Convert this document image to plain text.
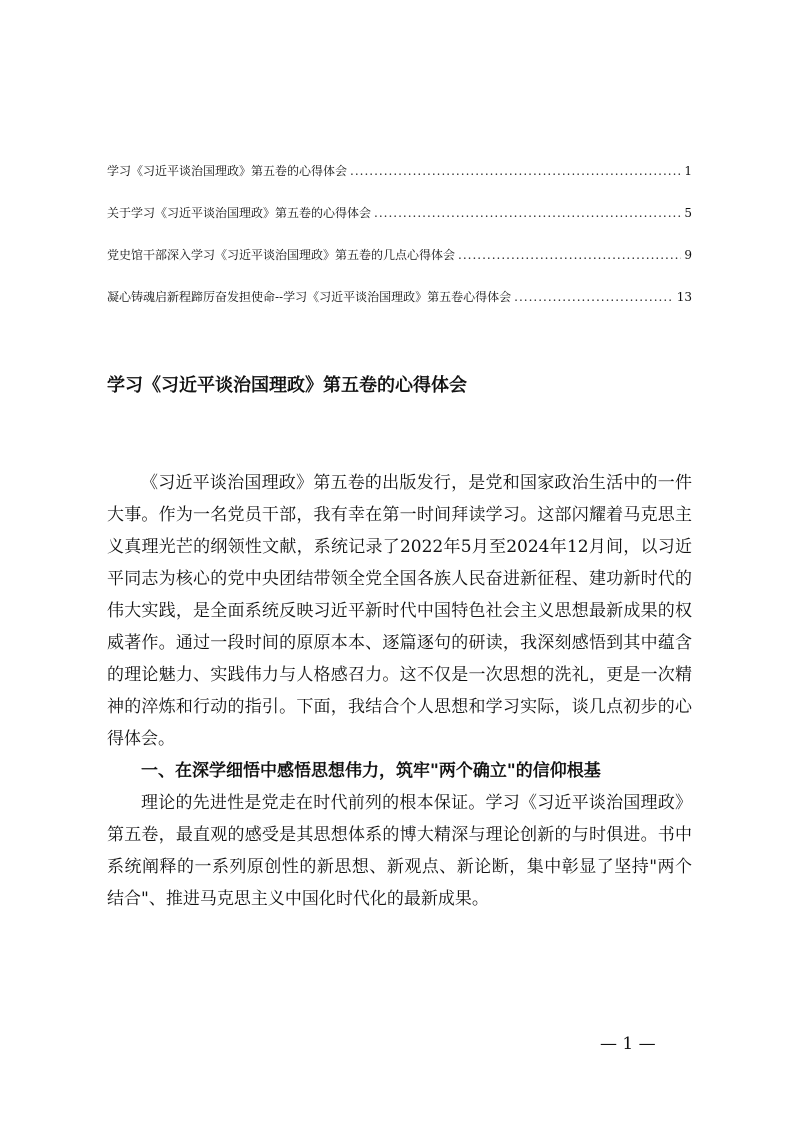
学习《习近平谈治国理政》第五卷的心得体会 .....	1
关于学习《习近平谈治国理政》第五卷的心得体会 .....	5
党史馆干部深入学习《习近平谈治国理政》第五卷的几点心得体会 .....	9
凝心铸魂启新程蹄厉奋发担使命--学习《习近平谈治国理政》第五卷心得体会 .....	13
学习《习近平谈治国理政》第五卷的心得体会

《习近平谈治国理政》第五卷的出版发行，是党和国家政治生活中的一件大事。作为一名党员干部，我有幸在第一时间拜读学习。这部闪耀着马克思主义真理光芒的纲领性文献，系统记录了2022年5月至2024年12月间，以习近平同志为核心的党中央团结带领全党全国各族人民奋进新征程、建功新时代的伟大实践，是全面系统反映习近平新时代中国特色社会主义思想最新成果的权威著作。通过一段时间的原原本本、逐篇逐句的研读，我深刻感悟到其中蕴含的理论魅力、实践伟力与人格感召力。这不仅是一次思想的洗礼，更是一次精神的淬炼和行动的指引。下面，我结合个人思想和学习实际，谈几点初步的心得体会。

一、在深学细悟中感悟思想伟力，筑牢"两个确立"的信仰根基

理论的先进性是党走在时代前列的根本保证。学习《习近平谈治国理政》第五卷，最直观的感受是其思想体系的博大精深与理论创新的与时俱进。书中系统阐释的一系列原创性的新思想、新观点、新论断，集中彰显了坚持"两个结合"、推进马克思主义中国化时代化的最新成果。

— 1 —
